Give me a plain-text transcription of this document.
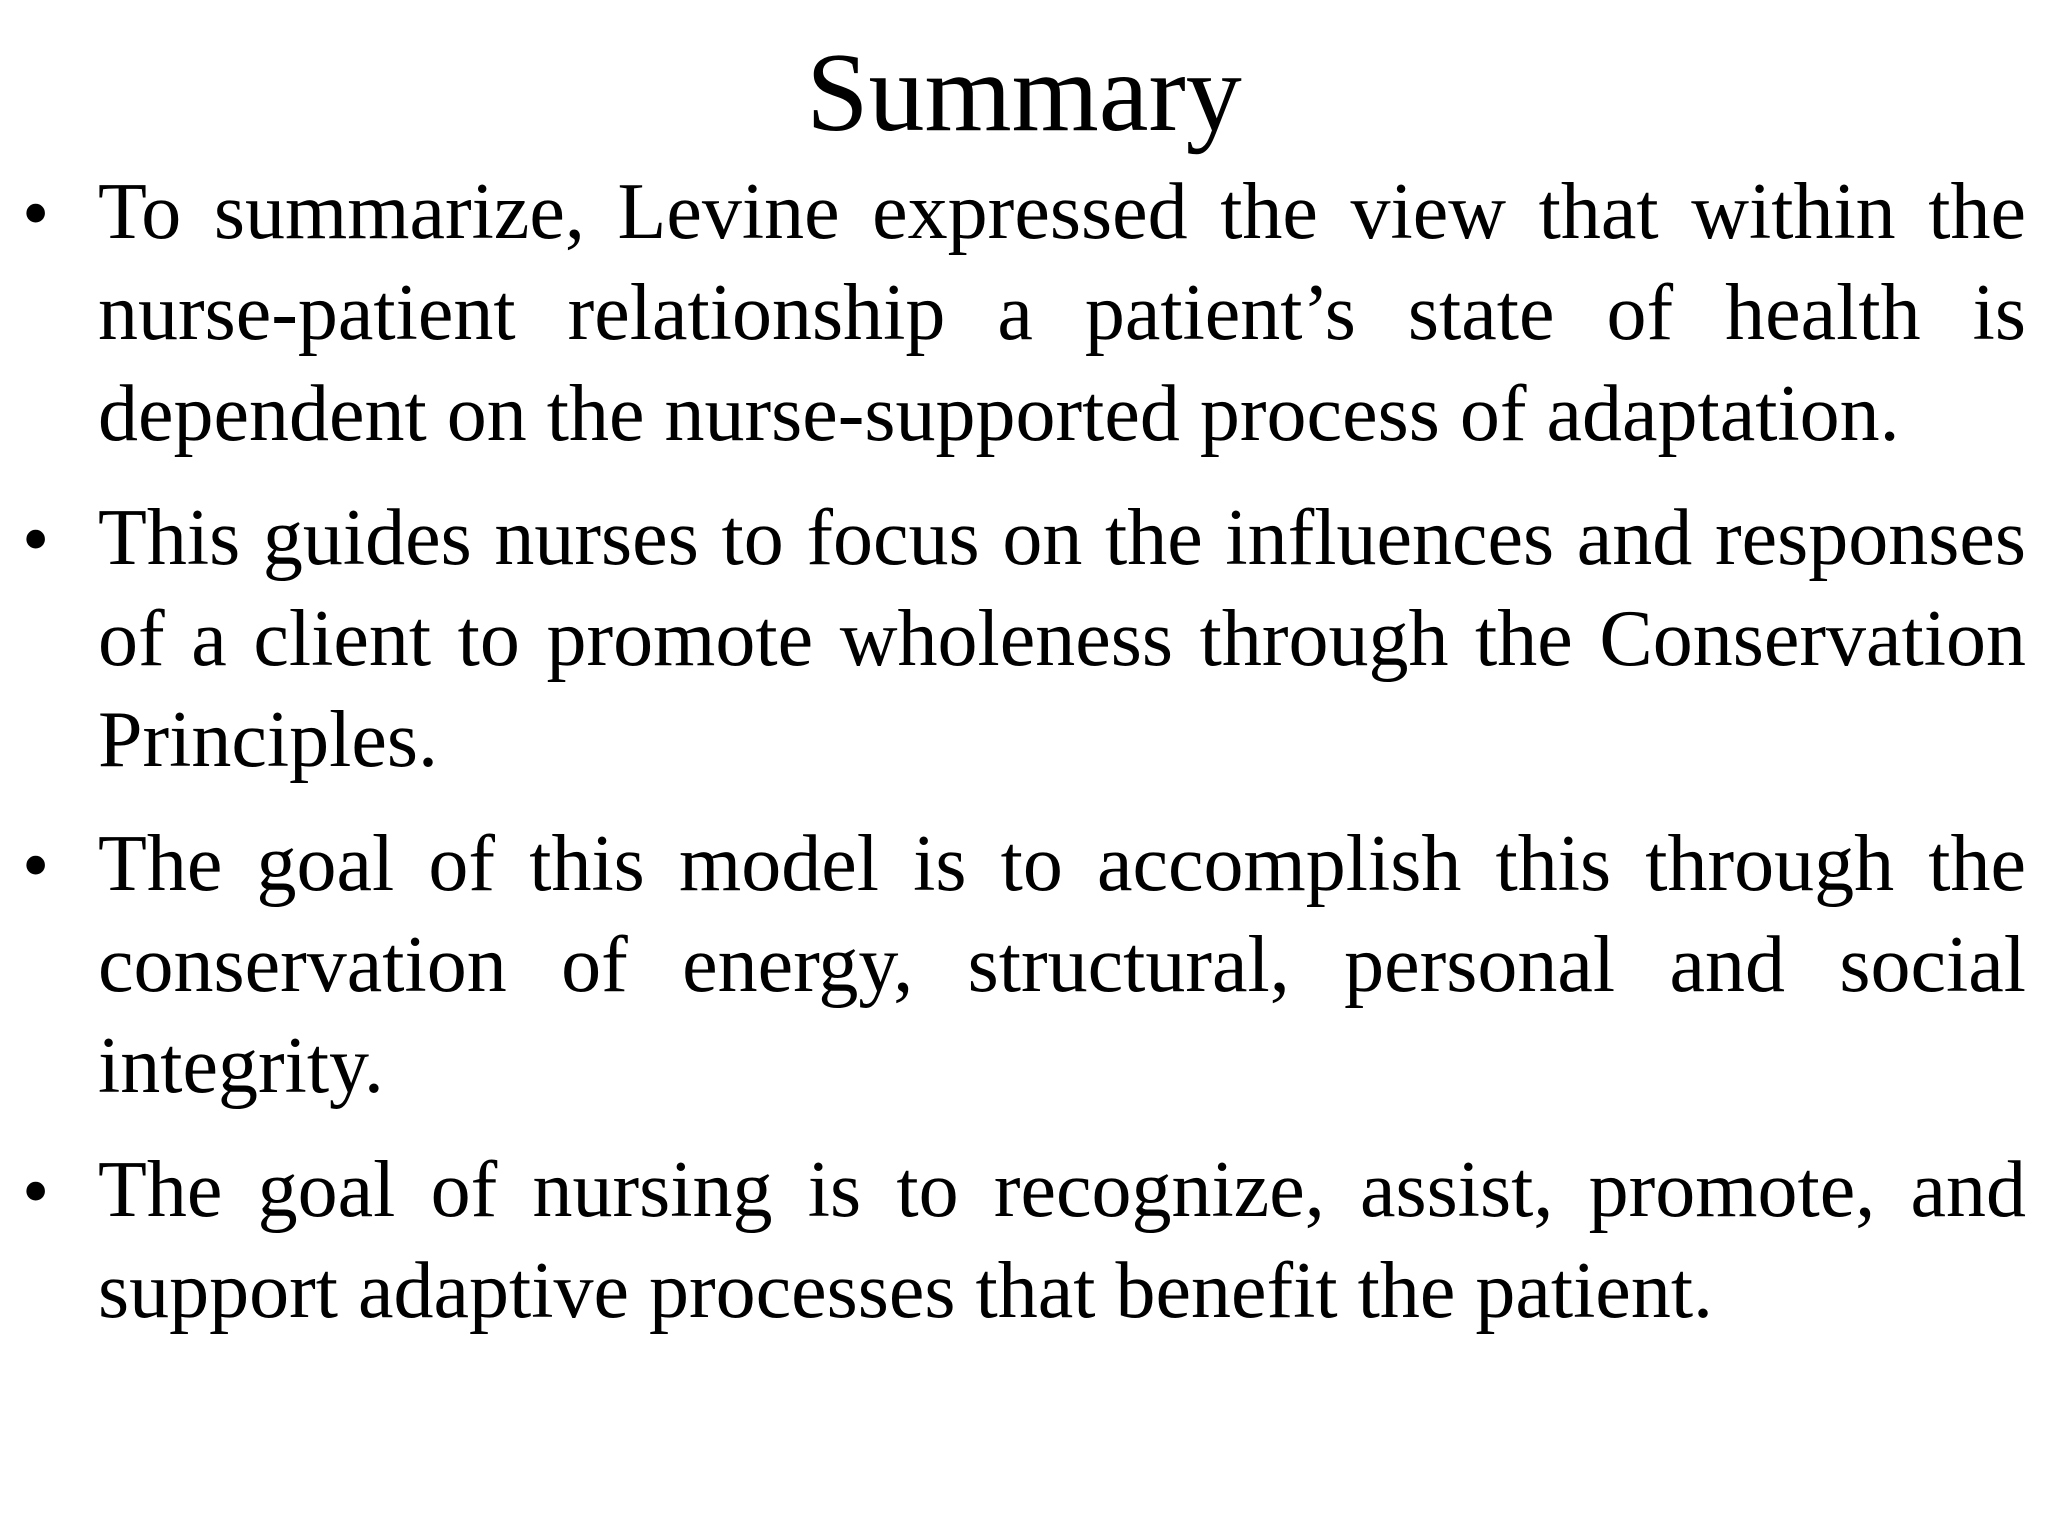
Summary
• To summarize, Levine expressed the view that within the nurse-patient relationship a patient’s state of health is dependent on the nurse-supported process of adaptation.
• This guides nurses to focus on the influences and responses of a client to promote wholeness through the Conservation Principles.
• The goal of this model is to accomplish this through the conservation of energy, structural, personal and social integrity.
• The goal of nursing is to recognize, assist, promote, and support adaptive processes that benefit the patient.
